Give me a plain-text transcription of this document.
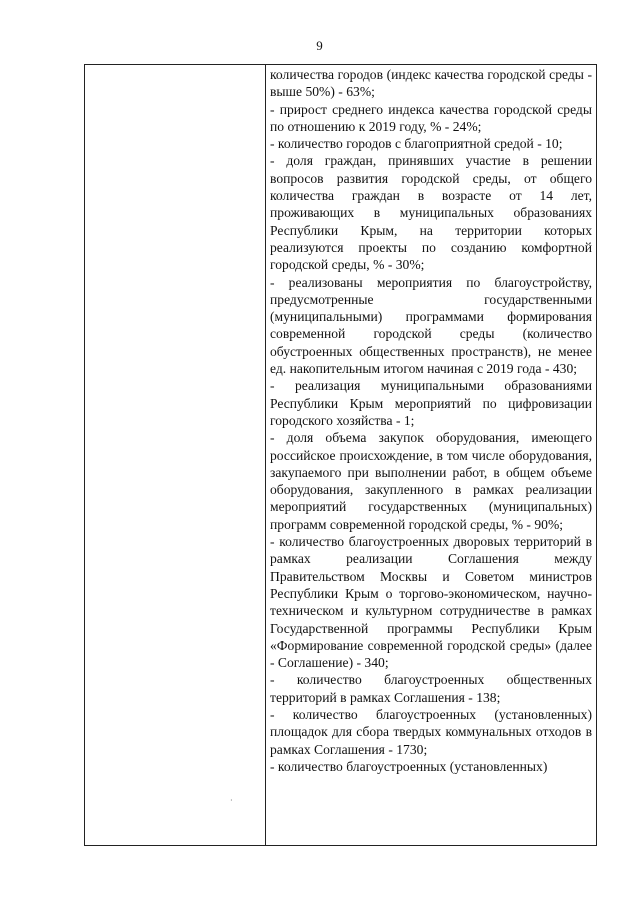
9

количества городов (индекс качества городской среды - выше 50%) - 63%;

- прирост среднего индекса качества городской среды по отношению к 2019 году, % - 24%;

- количество городов с благоприятной средой - 10;

- доля граждан, принявших участие в решении вопросов развития городской среды, от общего количества граждан в возрасте от 14 лет, проживающих в муниципальных образованиях Республики Крым, на территории которых реализуются проекты по созданию комфортной городской среды, % - 30%;

- реализованы мероприятия по благоустройству, предусмотренные государственными (муниципальными) программами формирования современной городской среды (количество обустроенных общественных пространств), не менее ед. накопительным итогом начиная с 2019 года - 430;

- реализация муниципальными образованиями Республики Крым мероприятий по цифровизации городского хозяйства - 1;

- доля объема закупок оборудования, имеющего российское происхождение, в том числе оборудования, закупаемого при выполнении работ, в общем объеме оборудования, закупленного в рамках реализации мероприятий государственных (муниципальных) программ современной городской среды, % - 90%;

- количество благоустроенных дворовых территорий в рамках реализации Соглашения между Правительством Москвы и Советом министров Республики Крым о торгово-экономическом, научно-техническом и культурном сотрудничестве в рамках Государственной программы Республики Крым «Формирование современной городской среды» (далее - Соглашение) - 340;

- количество благоустроенных общественных территорий в рамках Соглашения - 138;

- количество благоустроенных (установленных) площадок для сбора твердых коммунальных отходов в рамках Соглашения - 1730;

- количество благоустроенных (установленных)

·
